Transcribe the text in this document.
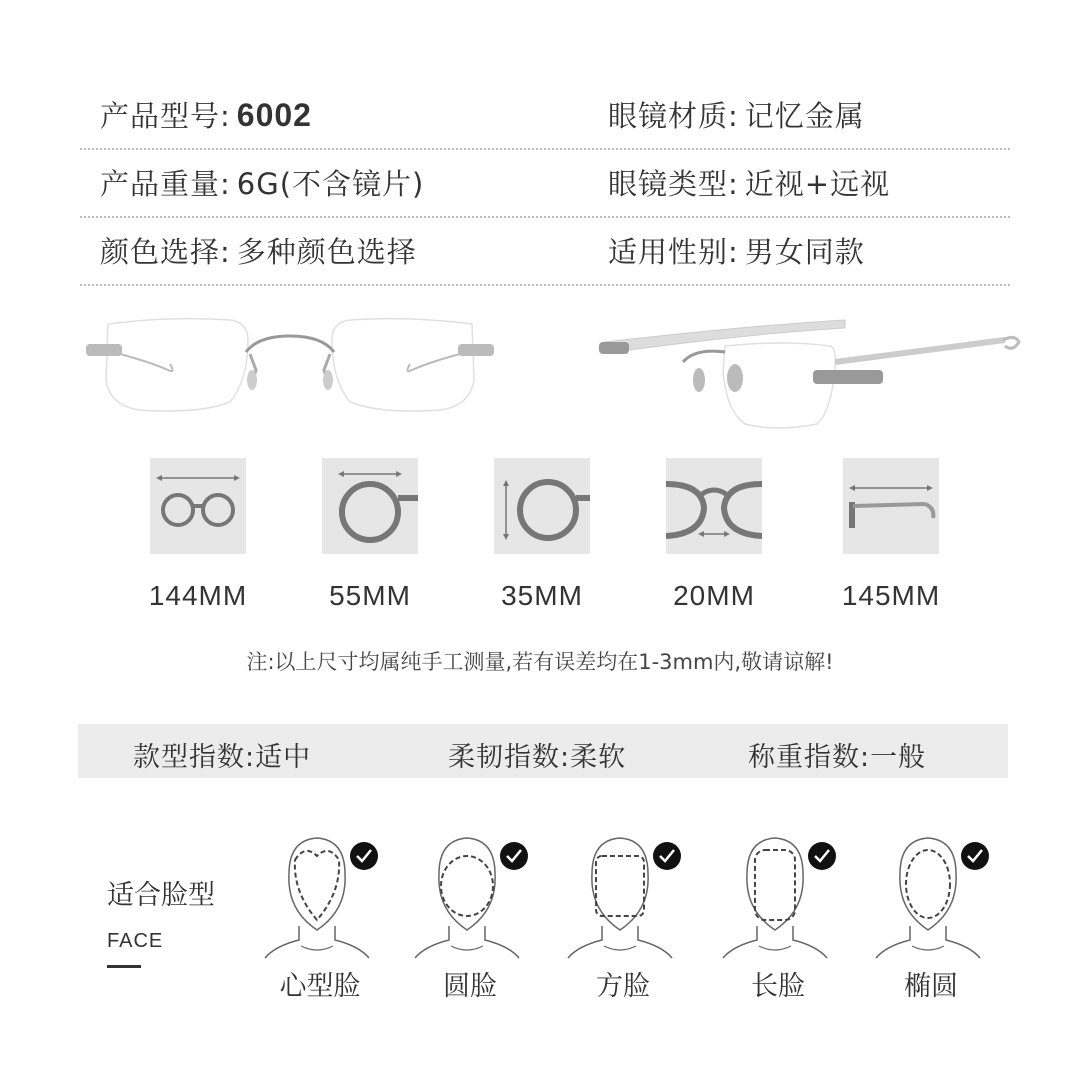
产品型号: 6002	眼镜材质: 记忆金属
产品重量: 6G(不含镜片)	眼镜类型: 近视+远视
颜色选择: 多种颜色选择	适用性别: 男女同款
144MM	55MM	35MM	20MM	145MM
注:以上尺寸均属纯手工测量,若有误差均在1-3mm内,敬请谅解!
款型指数:适中	柔韧指数:柔软	称重指数:一般
适合脸型
FACE
心型脸	圆脸	方脸	长脸	椭圆
